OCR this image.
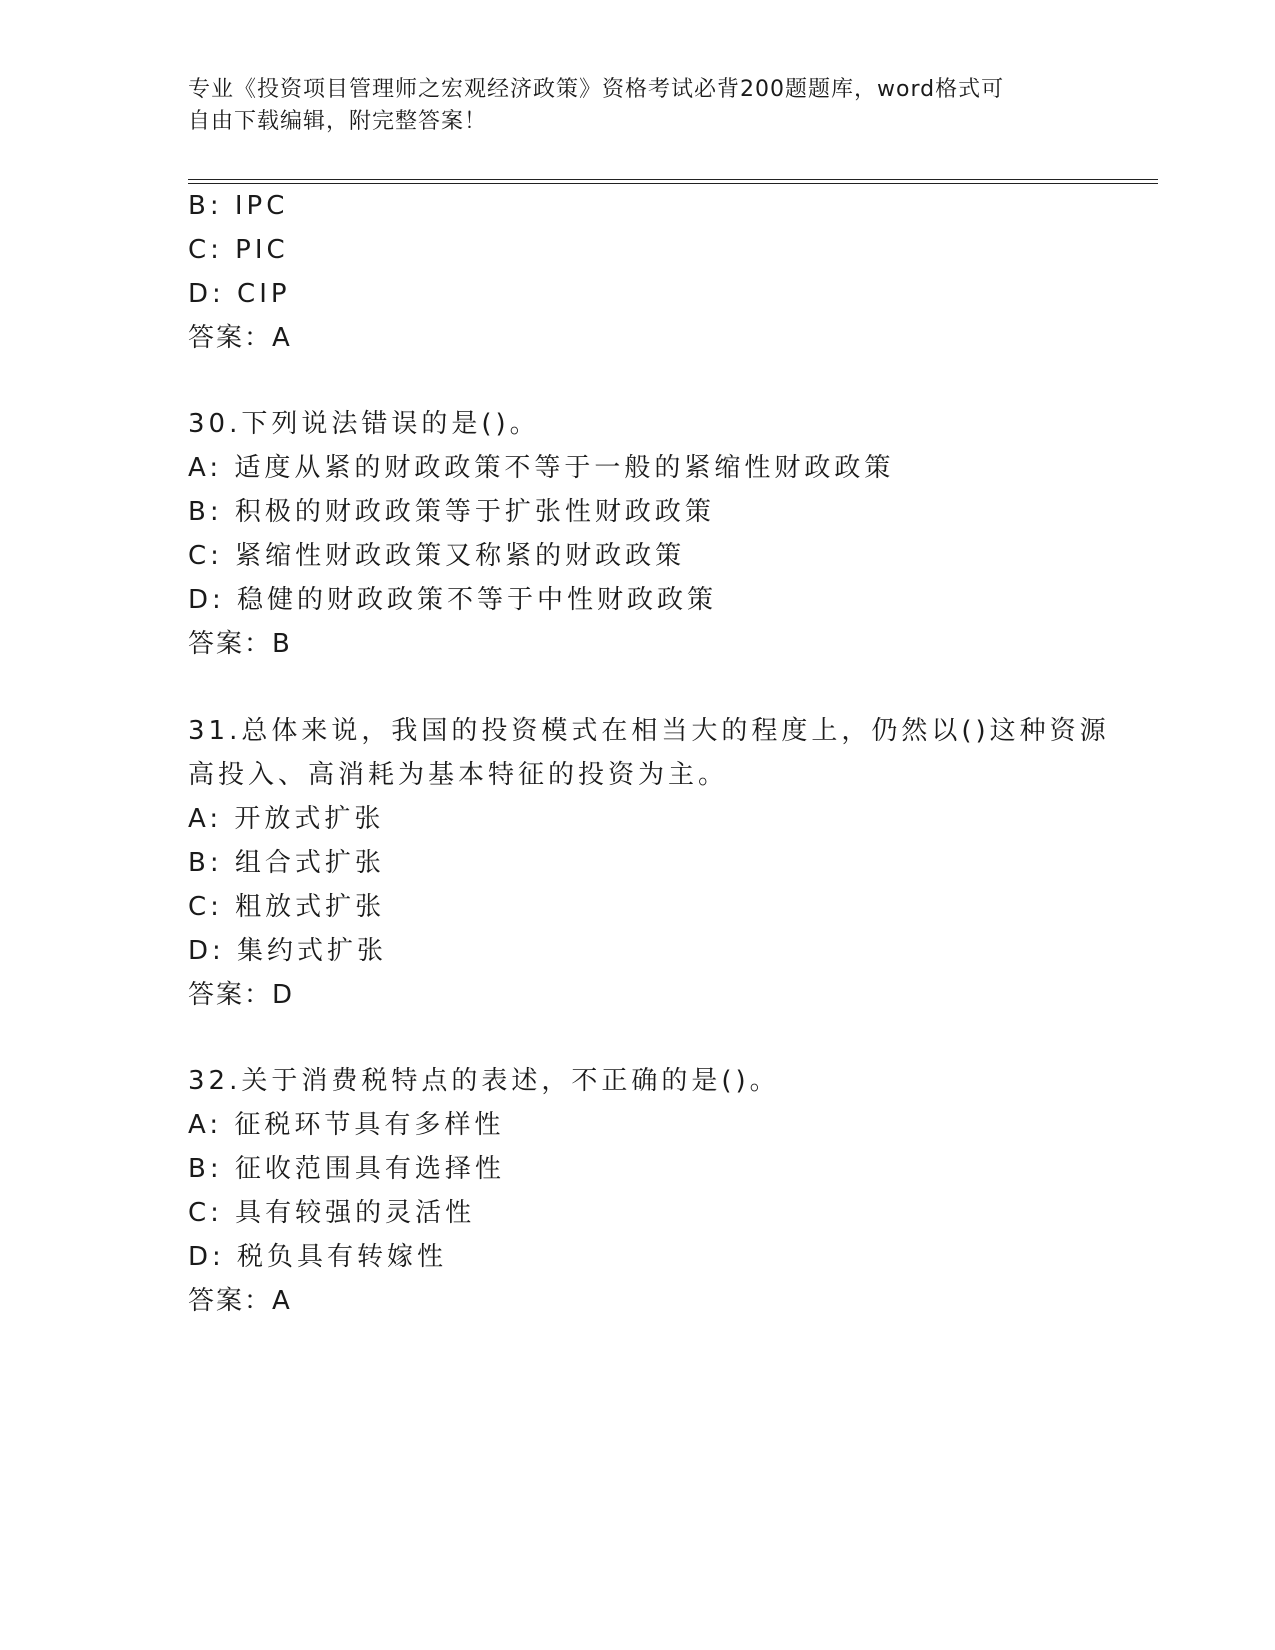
专业《投资项目管理师之宏观经济政策》资格考试必背200题题库，word格式可
自由下载编辑，附完整答案！
B: IPC
C: PIC
D: CIP
答案：A
30.下列说法错误的是()。
A: 适度从紧的财政政策不等于一般的紧缩性财政政策
B: 积极的财政政策等于扩张性财政政策
C: 紧缩性财政政策又称紧的财政政策
D: 稳健的财政政策不等于中性财政政策
答案：B
31.总体来说，我国的投资模式在相当大的程度上，仍然以()这种资源
高投入、高消耗为基本特征的投资为主。
A: 开放式扩张
B: 组合式扩张
C: 粗放式扩张
D: 集约式扩张
答案：D
32.关于消费税特点的表述，不正确的是()。
A: 征税环节具有多样性
B: 征收范围具有选择性
C: 具有较强的灵活性
D: 税负具有转嫁性
答案：A
